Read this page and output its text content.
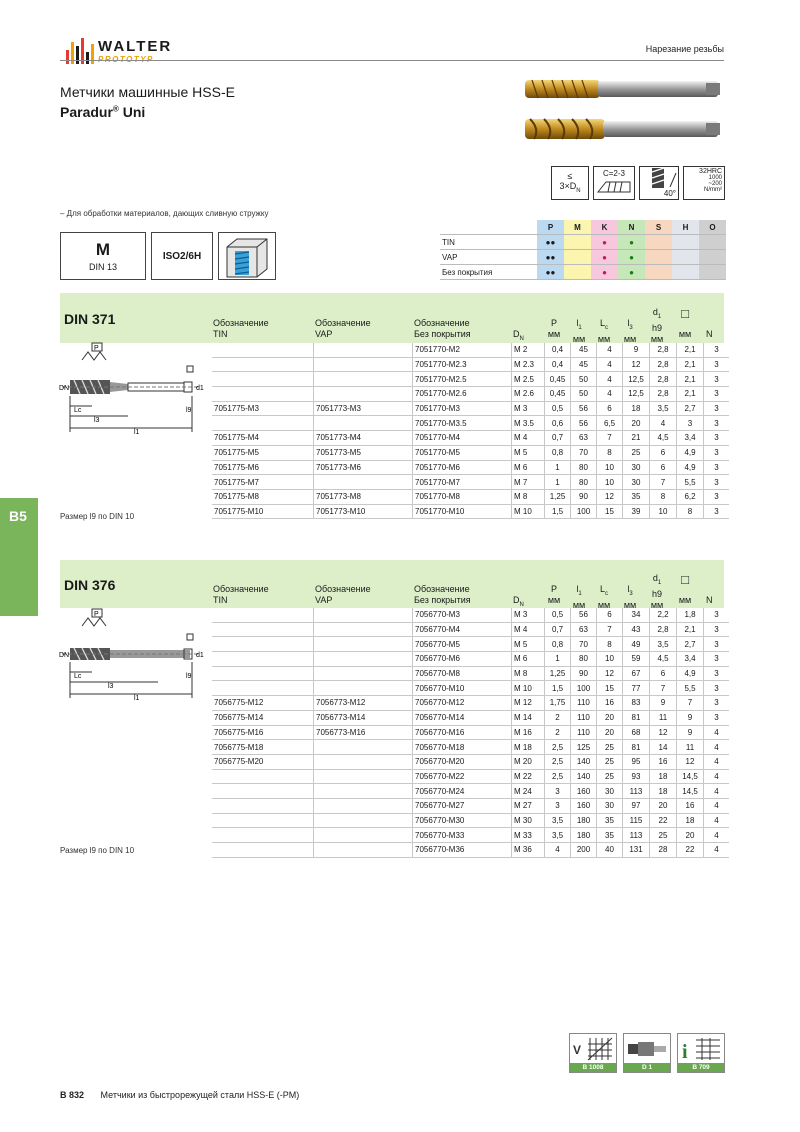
WALTER	Нарезание резьбы
Метчики машинные HSS-E
Paradur® Uni
≤
$3\times D_N$
C=2-3
40°
32HRC
1000
~200
N/mm²
– Для обработки материалов, дающих сливную стружку
M
DIN 13
ISO2/6H
	P	M	K	N	S	H	O
TIN	●●		●	●			
VAP	●●		●	●			
Без покрытия	●●		●	●			
DIN 371	Обозначение
TIN
Обозначение
VAP
Обозначение
Без покрытия	$D_N$
P
мм
$l_1$
мм
$L_c$
мм
$l_3$
мм
$d_1$
h9
мм
□
мм	N
		7051770-M2	M 2	0,4	45	4	9	2,8	2,1	3
		7051770-M2.3	M 2.3	0,4	45	4	12	2,8	2,1	3
		7051770-M2.5	M 2.5	0,45	50	4	12,5	2,8	2,1	3
		7051770-M2.6	M 2.6	0,45	50	4	12,5	2,8	2,1	3
7051775-M3	7051773-M3	7051770-M3	M 3	0,5	56	6	18	3,5	2,7	3
		7051770-M3.5	M 3.5	0,6	56	6,5	20	4	3	3
7051775-M4	7051773-M4	7051770-M4	M 4	0,7	63	7	21	4,5	3,4	3
7051775-M5	7051773-M5	7051770-M5	M 5	0,8	70	8	25	6	4,9	3
7051775-M6	7051773-M6	7051770-M6	M 6	1	80	10	30	6	4,9	3
7051775-M7		7051770-M7	M 7	1	80	10	30	7	5,5	3
7051775-M8	7051773-M8	7051770-M8	M 8	1,25	90	12	35	8	6,2	3
7051775-M10	7051773-M10	7051770-M10	M 10	1,5	100	15	39	10	8	3
P
DN	d1
Lc
l3
l1
l9
Размер l9 по DIN 10
B5
DIN 376	Обозначение
TIN
Обозначение
VAP
Обозначение
Без покрытия	$D_N$
P
мм
$l_1$
мм
$L_c$
мм
$l_3$
мм
$d_1$
h9
мм
□
мм	N
		7056770-M3	M 3	0,5	56	6	34	2,2	1,8	3
		7056770-M4	M 4	0,7	63	7	43	2,8	2,1	3
		7056770-M5	M 5	0,8	70	8	49	3,5	2,7	3
		7056770-M6	M 6	1	80	10	59	4,5	3,4	3
		7056770-M8	M 8	1,25	90	12	67	6	4,9	3
		7056770-M10	M 10	1,5	100	15	77	7	5,5	3
7056775-M12	7056773-M12	7056770-M12	M 12	1,75	110	16	83	9	7	3
7056775-M14	7056773-M14	7056770-M14	M 14	2	110	20	81	11	9	3
7056775-M16	7056773-M16	7056770-M16	M 16	2	110	20	68	12	9	4
7056775-M18		7056770-M18	M 18	2,5	125	25	81	14	11	4
7056775-M20		7056770-M20	M 20	2,5	140	25	95	16	12	4
		7056770-M22	M 22	2,5	140	25	93	18	14,5	4
		7056770-M24	M 24	3	160	30	113	18	14,5	4
		7056770-M27	M 27	3	160	30	97	20	16	4
		7056770-M30	M 30	3,5	180	35	115	22	18	4
		7056770-M33	M 33	3,5	180	35	113	25	20	4
		7056770-M36	M 36	4	200	40	131	28	22	4
P
DN	d1
Lc
l3
l1
l9
Размер l9 по DIN 10
V
B 1008	D 1
i
B 709
B 832 Метчики из быстрорежущей стали HSS-E (-PM)
